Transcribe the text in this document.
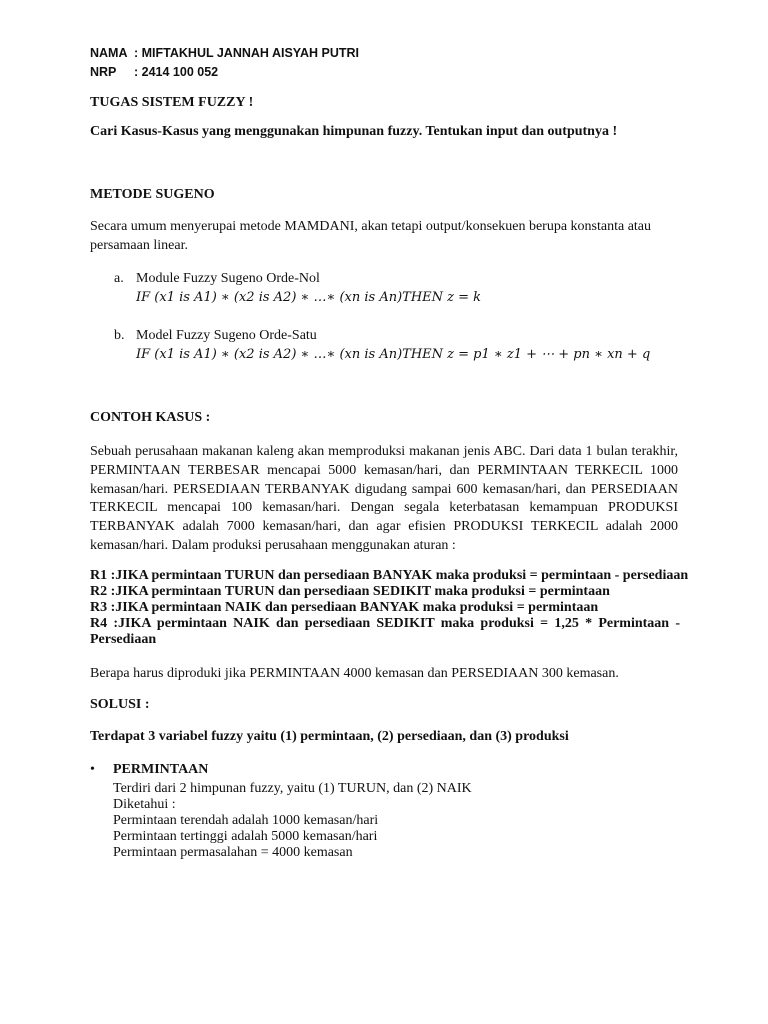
NAMA : MIFTAKHUL JANNAH AISYAH PUTRI
NRP : 2414 100 052
TUGAS SISTEM FUZZY !
Cari Kasus-Kasus yang menggunakan himpunan fuzzy. Tentukan input dan outputnya !
METODE SUGENO
Secara umum menyerupai metode MAMDANI, akan tetapi output/konsekuen berupa konstanta atau
persamaan linear.
a. Module Fuzzy Sugeno Orde-Nol
IF (x1 is A1) ∗ (x2 is A2) ∗ …∗ (xn is An)THEN z = k
b. Model Fuzzy Sugeno Orde-Satu
IF (x1 is A1) ∗ (x2 is A2) ∗ …∗ (xn is An)THEN z = p1 ∗ z1 + ⋯ + pn ∗ xn + q
CONTOH KASUS :
Sebuah perusahaan makanan kaleng akan memproduksi makanan jenis ABC. Dari data 1 bulan terakhir,
PERMINTAAN TERBESAR mencapai 5000 kemasan/hari, dan PERMINTAAN TERKECIL 1000
kemasan/hari. PERSEDIAAN TERBANYAK digudang sampai 600 kemasan/hari, dan PERSEDIAAN
TERKECIL mencapai 100 kemasan/hari. Dengan segala keterbatasan kemampuan PRODUKSI
TERBANYAK adalah 7000 kemasan/hari, dan agar efisien PRODUKSI TERKECIL adalah 2000
kemasan/hari. Dalam produksi perusahaan menggunakan aturan :
R1 :JIKA permintaan TURUN dan persediaan BANYAK maka produksi = permintaan - persediaan
R2 :JIKA permintaan TURUN dan persediaan SEDIKIT maka produksi = permintaan
R3 :JIKA permintaan NAIK dan persediaan BANYAK maka produksi = permintaan
R4 :JIKA permintaan NAIK dan persediaan SEDIKIT maka produksi = 1,25 * Permintaan -
Persediaan
Berapa harus diproduki jika PERMINTAAN 4000 kemasan dan PERSEDIAAN 300 kemasan.
SOLUSI :
Terdapat 3 variabel fuzzy yaitu (1) permintaan, (2) persediaan, dan (3) produksi
• PERMINTAAN
Terdiri dari 2 himpunan fuzzy, yaitu (1) TURUN, dan (2) NAIK
Diketahui :
Permintaan terendah adalah 1000 kemasan/hari
Permintaan tertinggi adalah 5000 kemasan/hari
Permintaan permasalahan = 4000 kemasan
